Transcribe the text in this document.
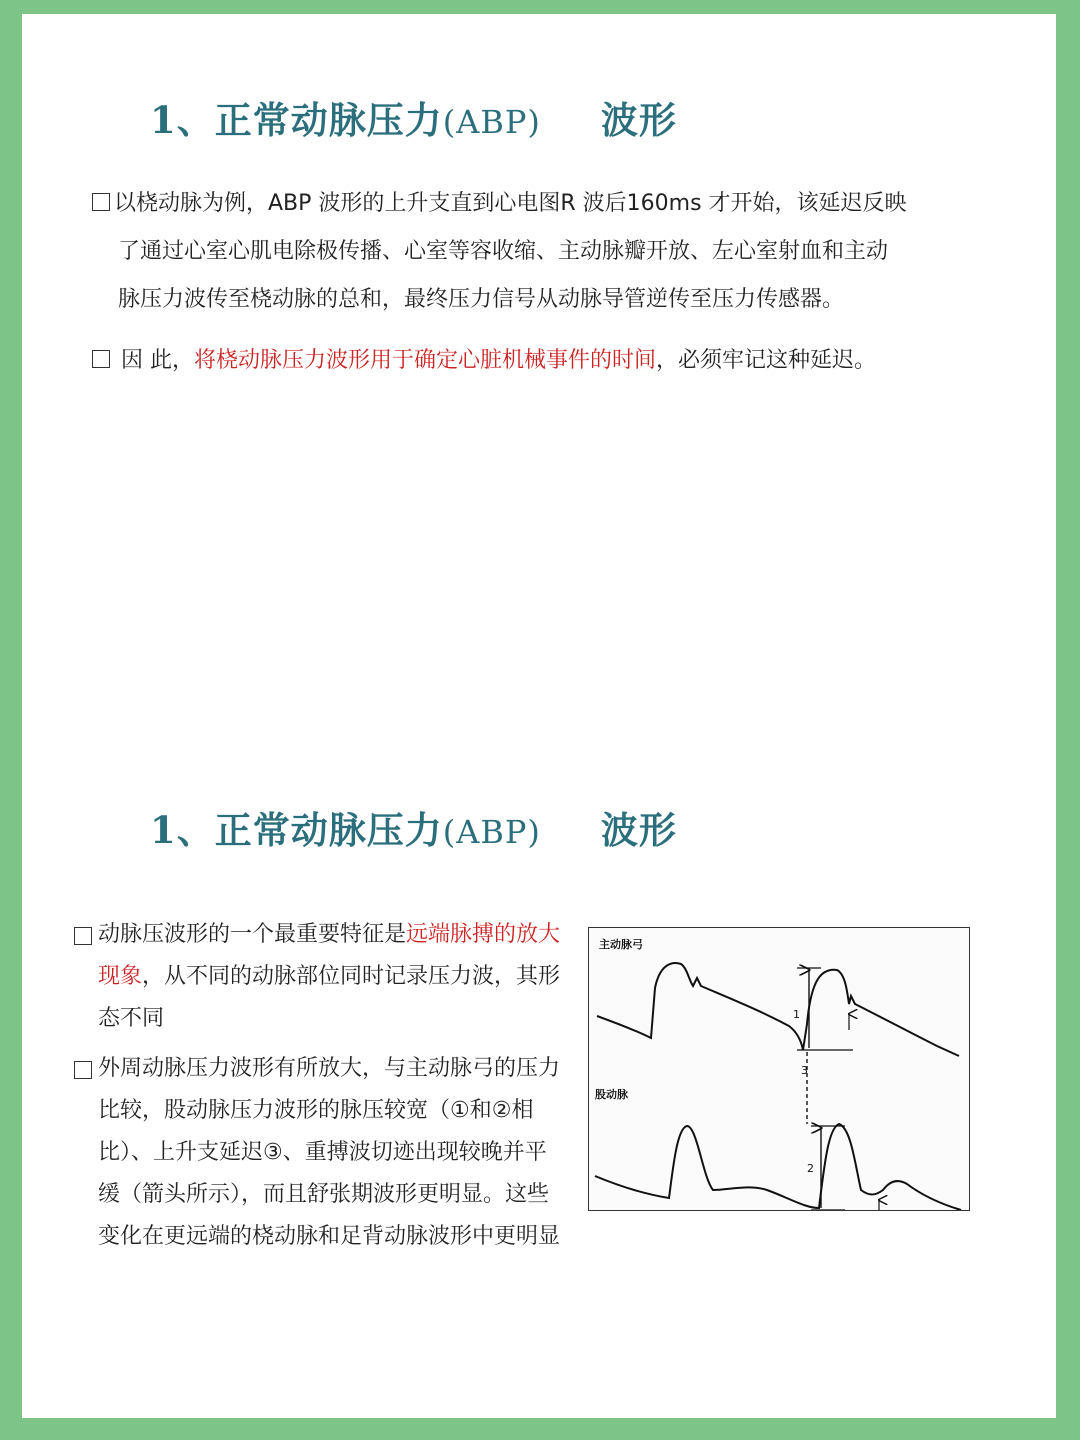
1、正常动脉压力(ABP) 波形
以桡动脉为例，ABP 波形的上升支直到心电图R 波后160ms 才开始，该延迟反映
了通过心室心肌电除极传播、心室等容收缩、主动脉瓣开放、左心室射血和主动
脉压力波传至桡动脉的总和，最终压力信号从动脉导管逆传至压力传感器。
因 此，将桡动脉压力波形用于确定心脏机械事件的时间，必须牢记这种延迟。
1、正常动脉压力(ABP) 波形
动脉压波形的一个最重要特征是远端脉搏的放大
现象，从不同的动脉部位同时记录压力波，其形
态不同
外周动脉压力波形有所放大，与主动脉弓的压力
比较，股动脉压力波形的脉压较宽（①和②相
比）、上升支延迟③、重搏波切迹出现较晚并平
缓（箭头所示），而且舒张期波形更明显。这些
变化在更远端的桡动脉和足背动脉波形中更明显
主动脉弓
股动脉
1
3
2
